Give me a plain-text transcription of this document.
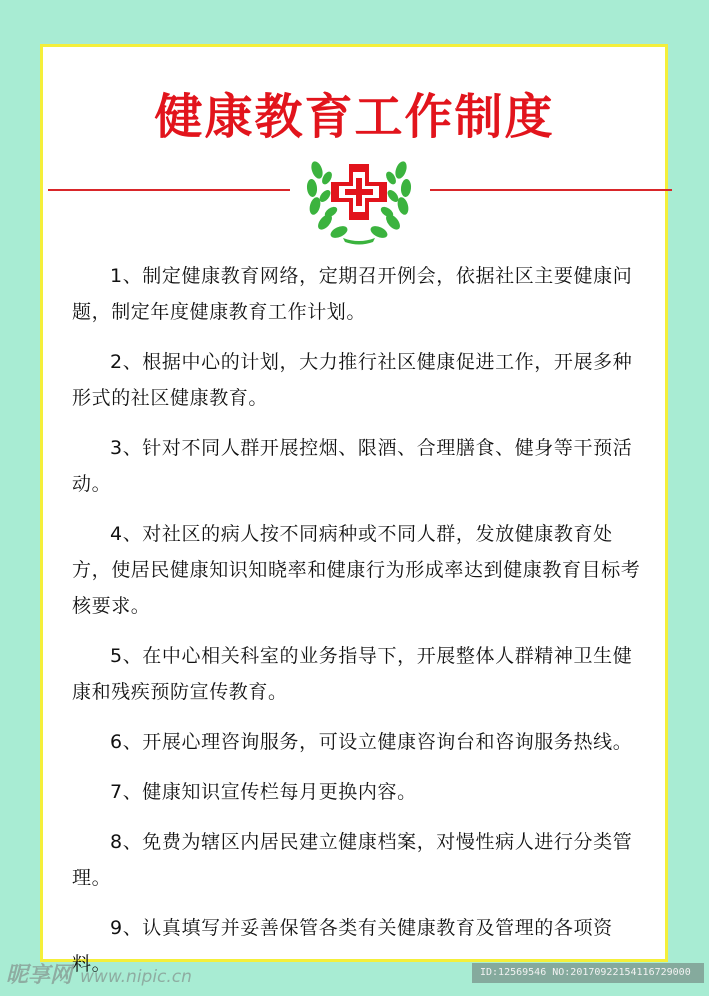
健康教育工作制度

1、制定健康教育网络，定期召开例会，依据社区主要健康问题，制定年度健康教育工作计划。

2、根据中心的计划，大力推行社区健康促进工作，开展多种形式的社区健康教育。

3、针对不同人群开展控烟、限酒、合理膳食、健身等干预活动。

4、对社区的病人按不同病种或不同人群，发放健康教育处方，使居民健康知识知晓率和健康行为形成率达到健康教育目标考核要求。

5、在中心相关科室的业务指导下，开展整体人群精神卫生健康和残疾预防宣传教育。

6、开展心理咨询服务，可设立健康咨询台和咨询服务热线。

7、健康知识宣传栏每月更换内容。

8、免费为辖区内居民建立健康档案，对慢性病人进行分类管理。

9、认真填写并妥善保管各类有关健康教育及管理的各项资料。

昵享网 www.nipic.cn	ID:12569546 NO:20170922154116729000
